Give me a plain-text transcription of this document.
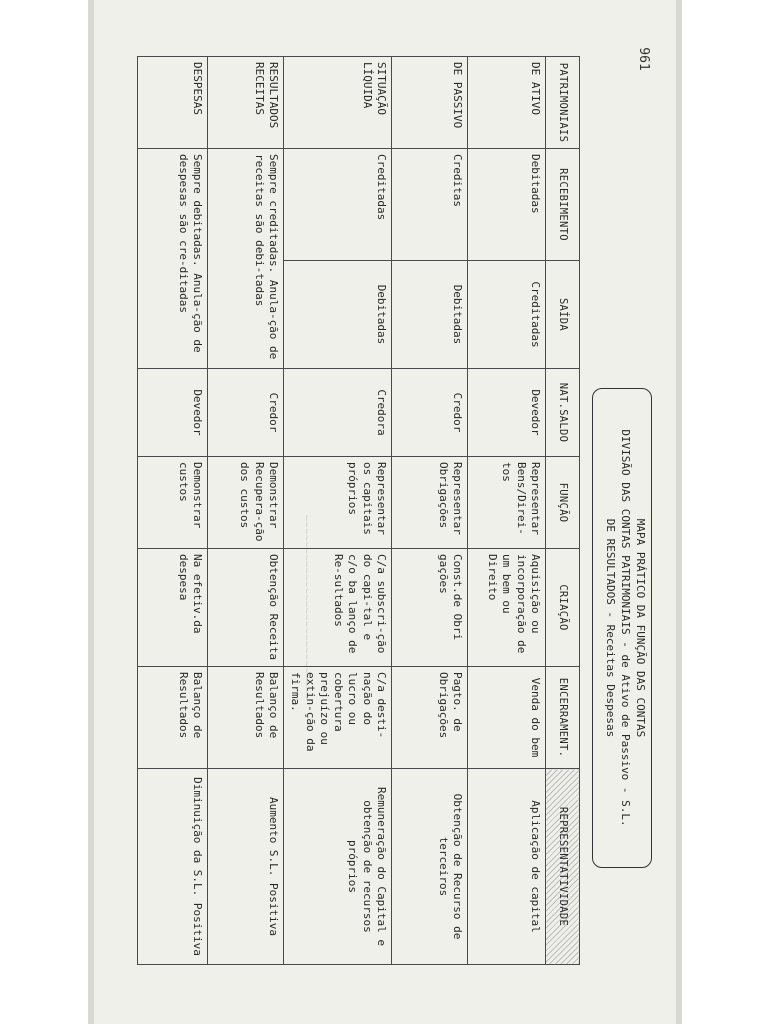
961
~~~~~~~~~~~~~~~~~~~~~~~~~~~~
PATRIMONIAIS	RECEBIMENTO	SAÍDA	NAT.SALDO	FUNÇÃO	CRIAÇÃO	ENCERRAMENT.	REPRESENTATIVIDADE
DE ATIVO	Debitadas	Creditadas	Devedor	Representar Bens/Direi-tos	Aquisição ou incorporação de um bem ou Direito	Venda do bem	Aplicação de capital
DE PASSIVO	Creditas	Debitadas	Credor	Representar Obrigações	Const.de Obri gações	Pagto. de Obrigações	Obtenção de Recurso de terceiros
SITUAÇÃO LÍQUIDA	Creditadas	Debitadas	Credora	Representar os capitais próprios	C/a subscri-ção do capi-tal e c/o ba lanço de Re-sultados	C/a desti-nação do lucro ou cobertura prejuízo ou extin-ção da firma.	Remuneração do Capital e obtenção de recursos próprios
RESULTADOS RECEITAS	Sempre creditadas. Anula-ção de receitas são debi-tadas		Credor	Demonstrar Recupera-ção dos custos	Obtenção Receita	Balanço de Resultados	Aumento S.L. Positiva
DESPESAS	Sempre debitadas. Anula-ção de despesas são cre-ditadas		Devedor	Demonstrar custos	Na efetiv.da despesa	Balanço de Resultados	Diminuição da S.L. Positiva
MAPA PRÁTICO DA FUNÇÃO DAS CONTAS
DIVISÃO DAS CONTAS PATRIMONIAIS - de Ativo de Passivo - S.L.
DE RESULTADOS - Receitas Despesas
